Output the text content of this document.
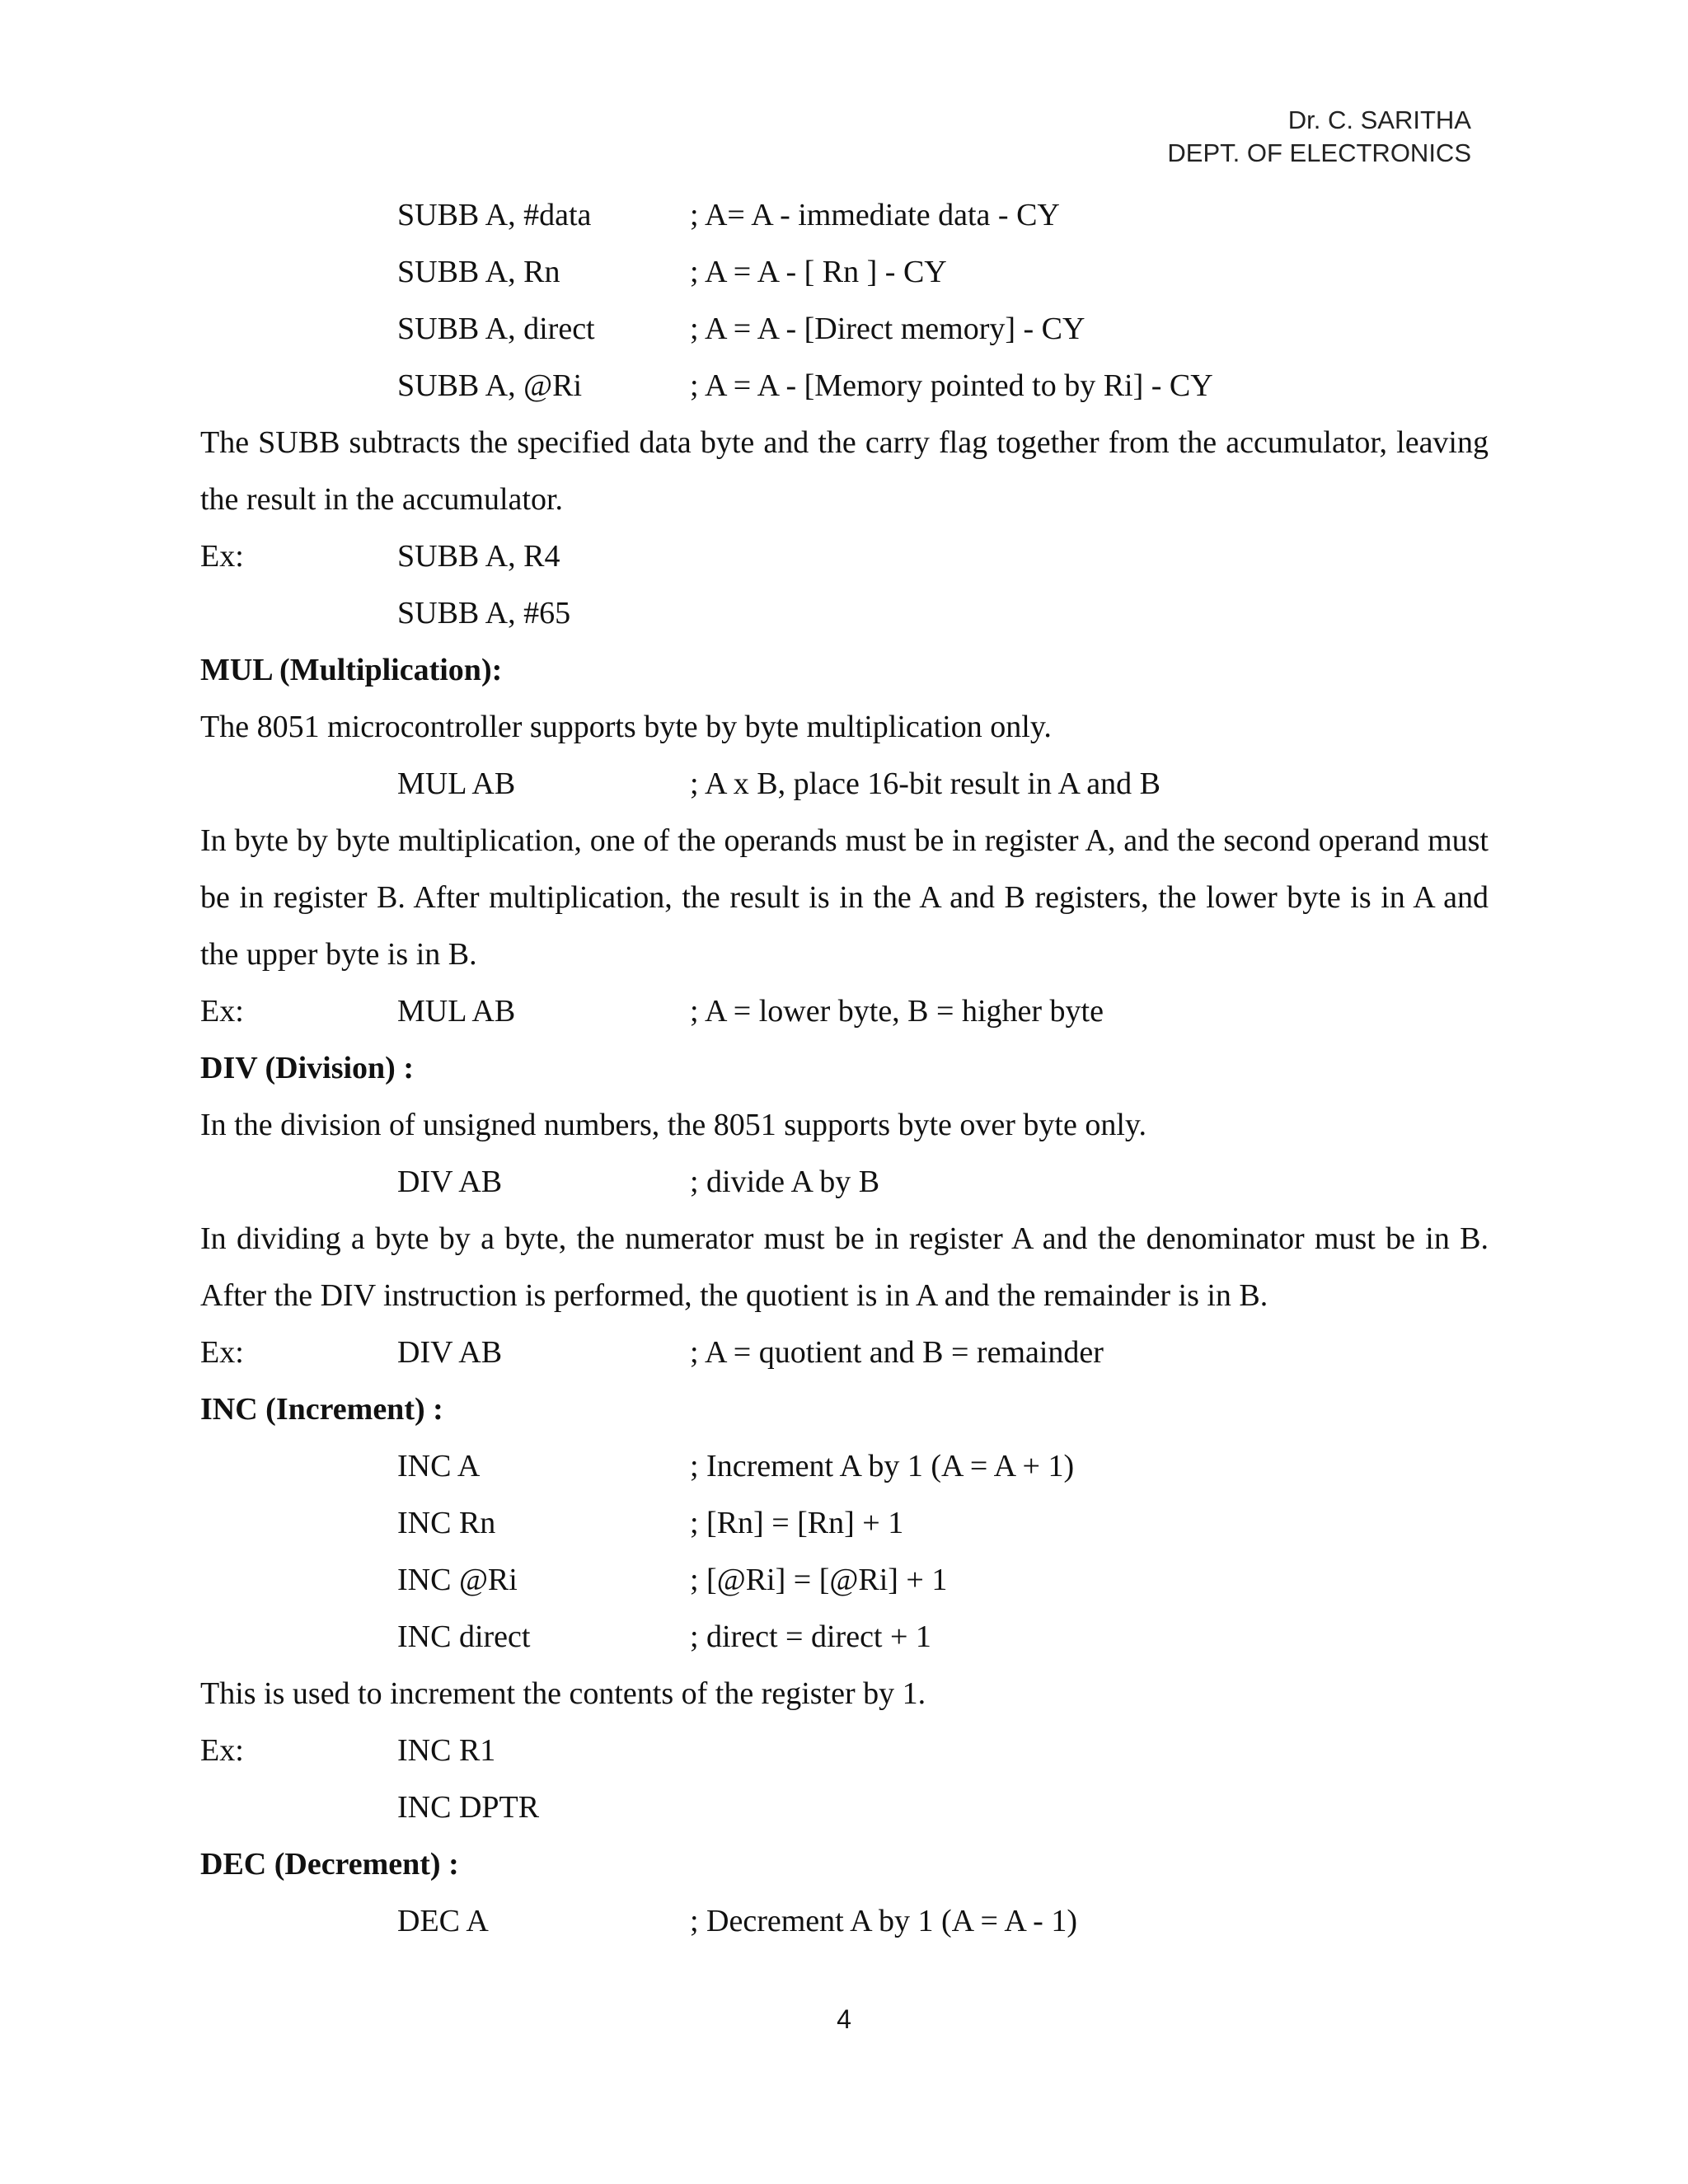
Dr. C. SARITHA
DEPT. OF ELECTRONICS
SUBB A, #data	; A= A - immediate data - CY
SUBB A, Rn	; A = A - [ Rn ] - CY
SUBB A, direct	; A = A - [Direct memory] - CY
SUBB A, @Ri	; A = A - [Memory pointed to by Ri] - CY

The SUBB subtracts the specified data byte and the carry flag together from the accumulator, leaving the result in the accumulator.

Ex:	SUBB A, R4
SUBB A, #65
MUL (Multiplication):

The 8051 microcontroller supports byte by byte multiplication only.

MUL AB	; A x B, place 16-bit result in A and B

In byte by byte multiplication, one of the operands must be in register A, and the second operand must be in register B. After multiplication, the result is in the A and B registers, the lower byte is in A and the upper byte is in B.

Ex:	MUL AB	; A = lower byte, B = higher byte
DIV (Division) :

In the division of unsigned numbers, the 8051 supports byte over byte only.

DIV AB	; divide A by B

In dividing a byte by a byte, the numerator must be in register A and the denominator must be in B. After the DIV instruction is performed, the quotient is in A and the remainder is in B.

Ex:	DIV AB	; A = quotient and B = remainder
INC (Increment) :
INC A	; Increment A by 1 (A = A + 1)
INC Rn	; [Rn] = [Rn] + 1
INC @Ri	; [@Ri] = [@Ri] + 1
INC direct	; direct = direct + 1

This is used to increment the contents of the register by 1.

Ex:	INC R1
INC DPTR
DEC (Decrement) :
DEC A	; Decrement A by 1 (A = A - 1)
4
